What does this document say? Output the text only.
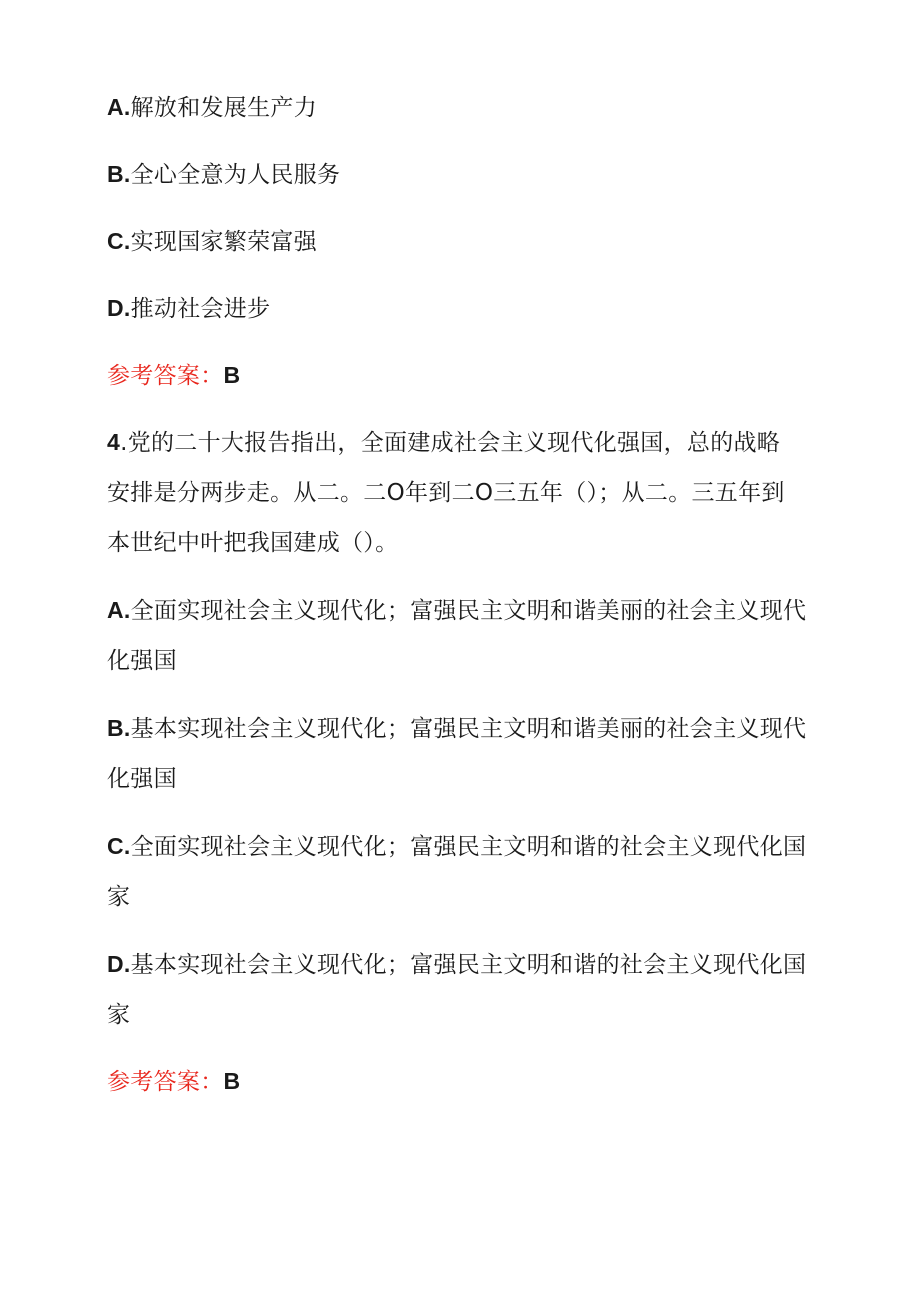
A.解放和发展生产力
B.全心全意为人民服务
C.实现国家繁荣富强
D.推动社会进步
参考答案：B
4.党的二十大报告指出，全面建成社会主义现代化强国，总的战略
安排是分两步走。从二。二O年到二O三五年（）；从二。三五年到
本世纪中叶把我国建成（）。
A.全面实现社会主义现代化；富强民主文明和谐美丽的社会主义现代
化强国
B.基本实现社会主义现代化；富强民主文明和谐美丽的社会主义现代
化强国
C.全面实现社会主义现代化；富强民主文明和谐的社会主义现代化国
家
D.基本实现社会主义现代化；富强民主文明和谐的社会主义现代化国
家
参考答案：B
